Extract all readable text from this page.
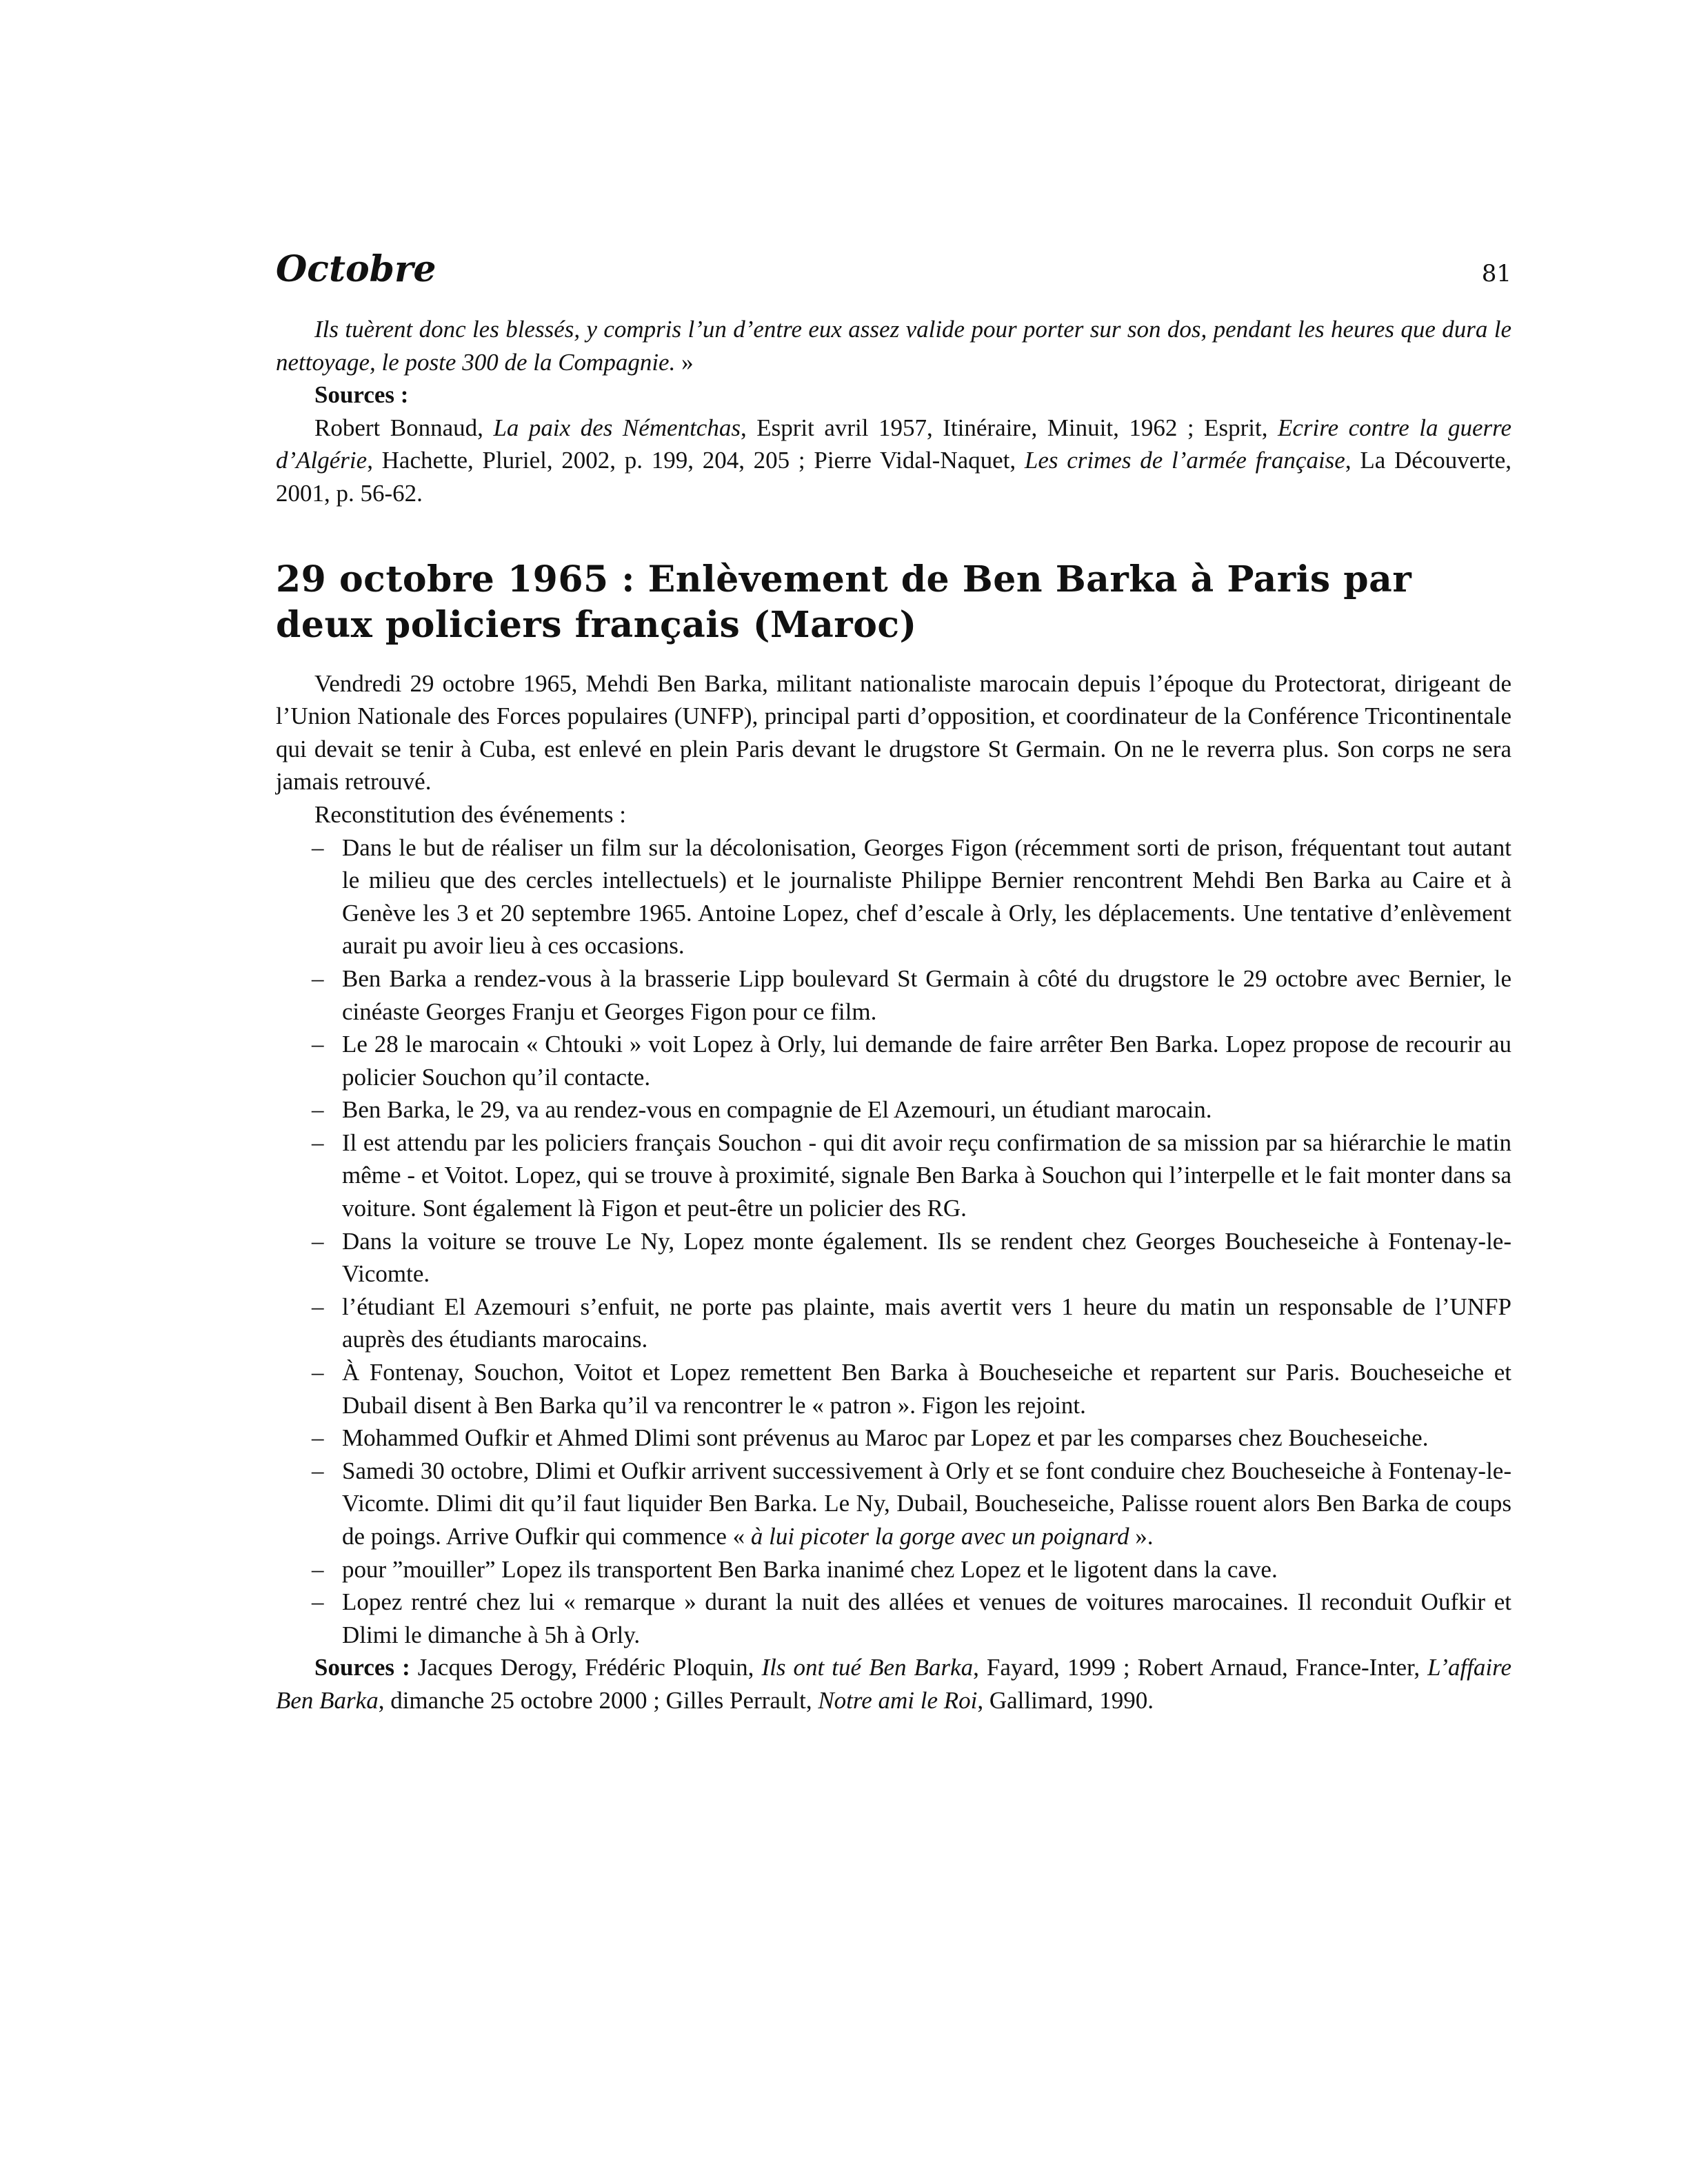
Octobre	81

Ils tuèrent donc les blessés, y compris l’un d’entre eux assez valide pour porter sur son dos, pendant les heures que dura le nettoyage, le poste 300 de la Compagnie. »

Sources :

Robert Bonnaud, La paix des Némentchas, Esprit avril 1957, Itinéraire, Minuit, 1962 ; Esprit, Ecrire contre la guerre d’Algérie, Hachette, Pluriel, 2002, p. 199, 204, 205 ; Pierre Vidal-Naquet, Les crimes de l’armée française, La Découverte, 2001, p. 56-62.

29 octobre 1965 : Enlèvement de Ben Barka à Paris par deux policiers français (Maroc)

Vendredi 29 octobre 1965, Mehdi Ben Barka, militant nationaliste marocain depuis l’époque du Protectorat, dirigeant de l’Union Nationale des Forces populaires (UNFP), principal parti d’opposition, et coordinateur de la Conférence Tricontinentale qui devait se tenir à Cuba, est enlevé en plein Paris devant le drugstore St Germain. On ne le reverra plus. Son corps ne sera jamais retrouvé.

Reconstitution des événements :

– Dans le but de réaliser un film sur la décolonisation, Georges Figon (récemment sorti de prison, fréquentant tout autant le milieu que des cercles intellectuels) et le journaliste Philippe Bernier rencontrent Mehdi Ben Barka au Caire et à Genève les 3 et 20 septembre 1965. Antoine Lopez, chef d’escale à Orly, les déplacements. Une tentative d’enlèvement aurait pu avoir lieu à ces occasions.
– Ben Barka a rendez-vous à la brasserie Lipp boulevard St Germain à côté du drugstore le 29 octobre avec Bernier, le cinéaste Georges Franju et Georges Figon pour ce film.
– Le 28 le marocain « Chtouki » voit Lopez à Orly, lui demande de faire arrêter Ben Barka. Lopez propose de recourir au policier Souchon qu’il contacte.
– Ben Barka, le 29, va au rendez-vous en compagnie de El Azemouri, un étudiant marocain.
– Il est attendu par les policiers français Souchon - qui dit avoir reçu confirmation de sa mission par sa hiérarchie le matin même - et Voitot. Lopez, qui se trouve à proximité, signale Ben Barka à Souchon qui l’interpelle et le fait monter dans sa voiture. Sont également là Figon et peut-être un policier des RG.
– Dans la voiture se trouve Le Ny, Lopez monte également. Ils se rendent chez Georges Boucheseiche à Fontenay-le-Vicomte.
– l’étudiant El Azemouri s’enfuit, ne porte pas plainte, mais avertit vers 1 heure du matin un responsable de l’UNFP auprès des étudiants marocains.
– À Fontenay, Souchon, Voitot et Lopez remettent Ben Barka à Boucheseiche et repartent sur Paris. Boucheseiche et Dubail disent à Ben Barka qu’il va rencontrer le « patron ». Figon les rejoint.
– Mohammed Oufkir et Ahmed Dlimi sont prévenus au Maroc par Lopez et par les comparses chez Boucheseiche.
– Samedi 30 octobre, Dlimi et Oufkir arrivent successivement à Orly et se font conduire chez Boucheseiche à Fontenay-le-Vicomte. Dlimi dit qu’il faut liquider Ben Barka. Le Ny, Dubail, Boucheseiche, Palisse rouent alors Ben Barka de coups de poings. Arrive Oufkir qui commence « à lui picoter la gorge avec un poignard ».
– pour ”mouiller” Lopez ils transportent Ben Barka inanimé chez Lopez et le ligotent dans la cave.
– Lopez rentré chez lui « remarque » durant la nuit des allées et venues de voitures marocaines. Il reconduit Oufkir et Dlimi le dimanche à 5h à Orly.

Sources : Jacques Derogy, Frédéric Ploquin, Ils ont tué Ben Barka, Fayard, 1999 ; Robert Arnaud, France-Inter, L’affaire Ben Barka, dimanche 25 octobre 2000 ; Gilles Perrault, Notre ami le Roi, Gallimard, 1990.
